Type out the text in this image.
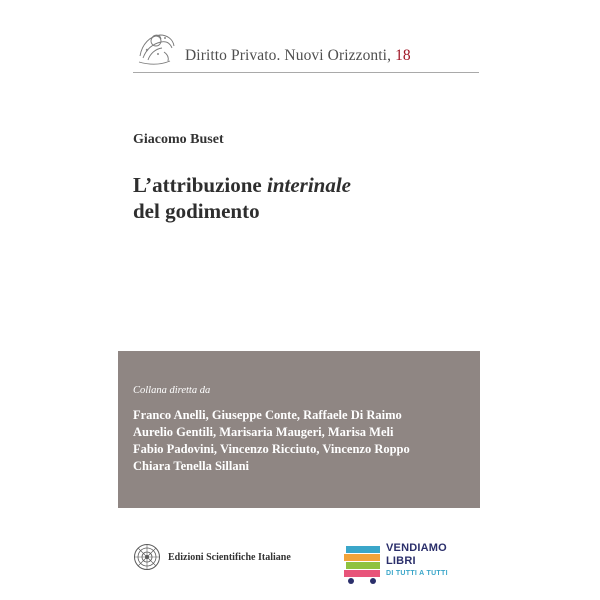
Diritto Privato. Nuovi Orizzonti, 18
Giacomo Buset
L’attribuzione interinale
del godimento
Collana diretta da
Franco Anelli, Giuseppe Conte, Raffaele Di Raimo
Aurelio Gentili, Marisaria Maugeri, Marisa Meli
Fabio Padovini, Vincenzo Ricciuto, Vincenzo Roppo
Chiara Tenella Sillani
Edizioni Scientifiche Italiane
VENDIAMO
LIBRI
DI TUTTI A TUTTI
